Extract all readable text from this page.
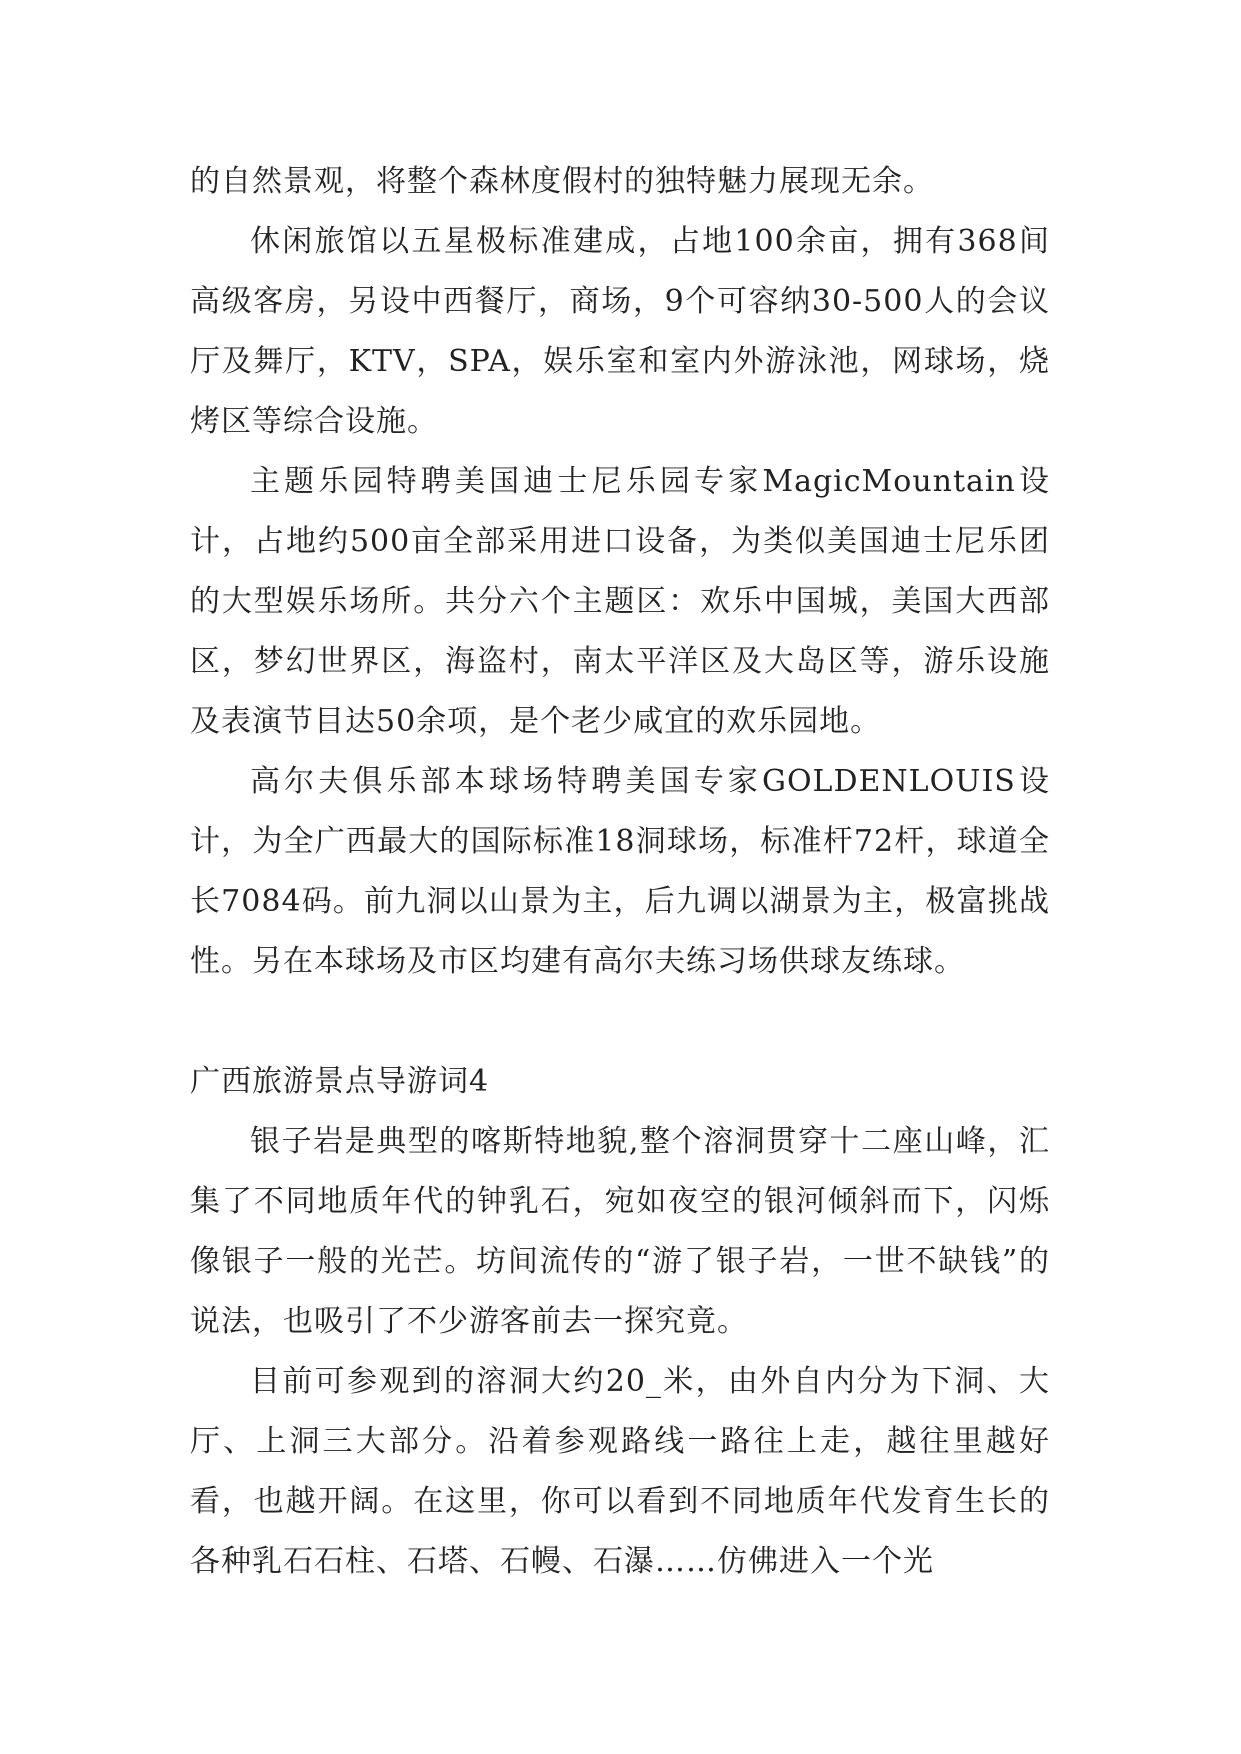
的自然景观，将整个森林度假村的独特魅力展现无余。

休闲旅馆以五星极标准建成，占地100余亩，拥有368间高级客房，另设中西餐厅，商场，9个可容纳30-500人的会议厅及舞厅，KTV，SPA，娱乐室和室内外游泳池，网球场，烧烤区等综合设施。

主题乐园特聘美国迪士尼乐园专家MagicMountain设计，占地约500亩全部采用进口设备，为类似美国迪士尼乐团的大型娱乐场所。共分六个主题区：欢乐中国城，美国大西部区，梦幻世界区，海盗村，南太平洋区及大岛区等，游乐设施及表演节目达50余项，是个老少咸宜的欢乐园地。

高尔夫俱乐部本球场特聘美国专家GOLDENLOUIS设计，为全广西最大的国际标准18洞球场，标准杆72杆，球道全长7084码。前九洞以山景为主，后九调以湖景为主，极富挑战性。另在本球场及市区均建有高尔夫练习场供球友练球。

广西旅游景点导游词4

银子岩是典型的喀斯特地貌,整个溶洞贯穿十二座山峰，汇集了不同地质年代的钟乳石，宛如夜空的银河倾斜而下，闪烁像银子一般的光芒。坊间流传的“游了银子岩，一世不缺钱”的说法，也吸引了不少游客前去一探究竟。

目前可参观到的溶洞大约20_米，由外自内分为下洞、大厅、上洞三大部分。沿着参观路线一路往上走，越往里越好看，也越开阔。在这里，你可以看到不同地质年代发育生长的各种乳石石柱、石塔、石幔、石瀑……仿佛进入一个光
